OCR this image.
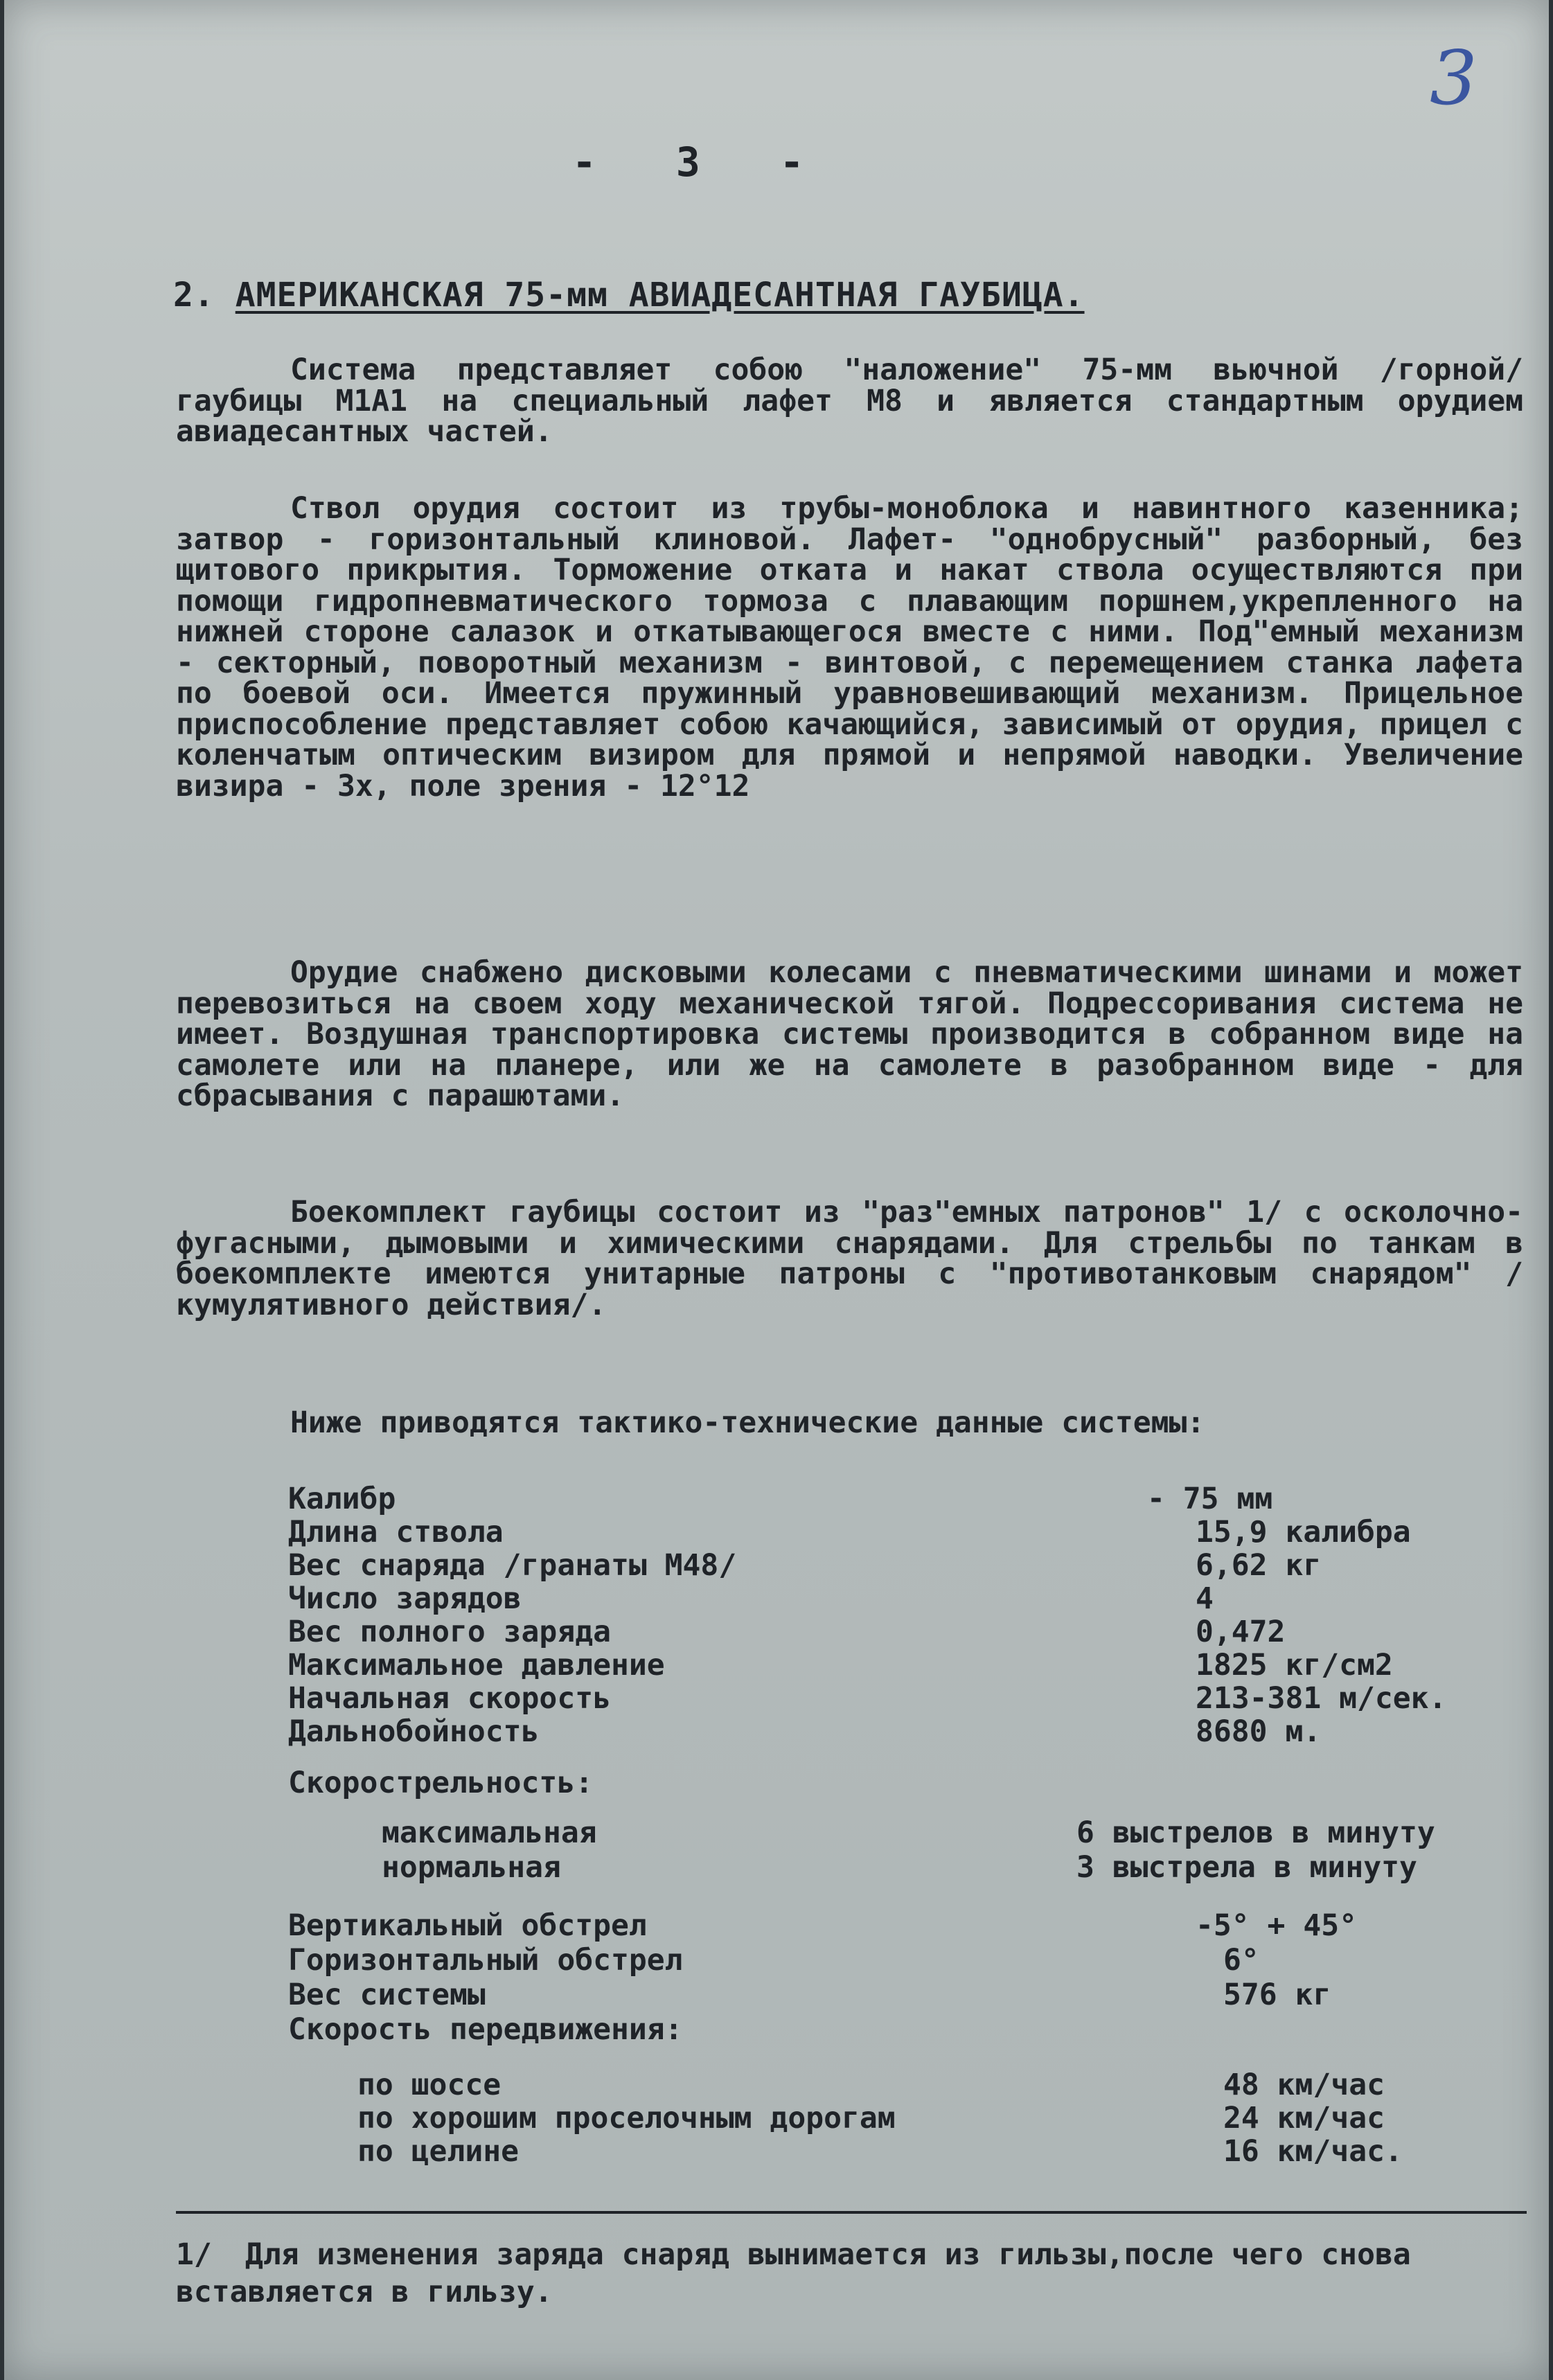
3
- 3 -
2. АМЕРИКАНСКАЯ 75-мм АВИАДЕСАНТНАЯ ГАУБИЦА.

Система представляет собою "наложение" 75-мм вьючной /горной/ гаубицы М1А1 на специальный лафет М8 и является стандартным орудием авиадесантных частей.

Ствол орудия состоит из трубы-моноблока и навинтного казенника; затвор - горизонтальный клиновой. Лафет- "однобрусный" разборный, без щитового прикрытия. Торможение отката и накат ствола осуществляются при помощи гидропневматического тормоза с плавающим поршнем,укрепленного на нижней стороне салазок и откатывающегося вместе с ними. Под"емный механизм - секторный, поворотный механизм - винтовой, с перемещением станка лафета по боевой оси. Имеется пружинный уравновешивающий механизм. Прицельное приспособление представляет собою качающийся, зависимый от орудия, прицел с коленчатым оптическим визиром для прямой и непрямой наводки. Увеличение визира - 3х, поле зрения - 12°12

Орудие снабжено дисковыми колесами с пневматическими шинами и может перевозиться на своем ходу механической тягой. Подрессоривания система не имеет. Воздушная транспортировка системы производится в собранном виде на самолете или на планере, или же на самолете в разобранном виде - для сбрасывания с парашютами.

Боекомплект гаубицы состоит из "раз"емных патронов" 1/ с осколочно-фугасными, дымовыми и химическими снарядами. Для стрельбы по танкам в боекомплекте имеются унитарные патроны с "противотанковым снарядом" /кумулятивного действия/.

Ниже приводятся тактико-технические данные системы:

Калибр	- 75 мм
Длина ствола	15,9 калибра
Вес снаряда /гранаты М48/	6,62 кг
Число зарядов	4
Вес полного заряда	0,472
Максимальное давление	1825 кг/см2
Начальная скорость	213-381 м/сек.
Дальнобойность	8680 м.
Скорострельность:
максимальная	6 выстрелов в минуту
нормальная	3 выстрела в минуту
Вертикальный обстрел	-5° + 45°
Горизонтальный обстрел	6°
Вес системы	576 кг
Скорость передвижения:
по шоссе	48 км/час
по хорошим проселочным дорогам	24 км/час
по целине	16 км/час.
1/ Для изменения заряда снаряд вынимается из гильзы,после чего снова вставляется в гильзу.
